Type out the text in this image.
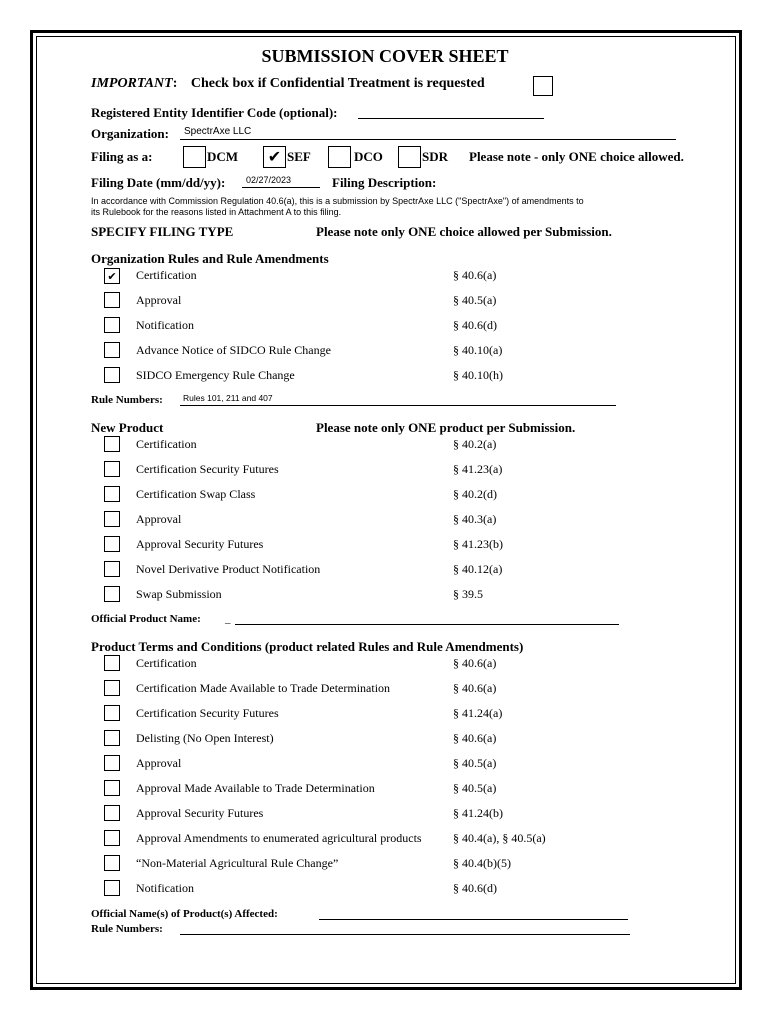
SUBMISSION COVER SHEET
IMPORTANT: Check box if Confidential Treatment is requested
Registered Entity Identifier Code (optional):
Organization: SpectrAxe LLC
Filing as a:	DCM ✔ SEF	DCO	SDR Please note - only ONE choice allowed.
Filing Date (mm/dd/yy): 02/27/2023	Filing Description:
In accordance with Commission Regulation 40.6(a), this is a submission by SpectrAxe LLC ("SpectrAxe") of amendments to
its Rulebook for the reasons listed in Attachment A to this filing.
SPECIFY FILING TYPE	Please note only ONE choice allowed per Submission.
Organization Rules and Rule Amendments
✔ Certification	§ 40.6(a)
Approval	§ 40.5(a)
Notification	§ 40.6(d)
Advance Notice of SIDCO Rule Change	§ 40.10(a)
SIDCO Emergency Rule Change	§ 40.10(h)
Rule Numbers: Rules 101, 211 and 407
New Product	Please note only ONE product per Submission.
Certification	§ 40.2(a)
Certification Security Futures	§ 41.23(a)
Certification Swap Class	§ 40.2(d)
Approval	§ 40.3(a)
Approval Security Futures	§ 41.23(b)
Novel Derivative Product Notification	§ 40.12(a)
Swap Submission	§ 39.5
Official Product Name: _
Product Terms and Conditions (product related Rules and Rule Amendments)
Certification	§ 40.6(a)
Certification Made Available to Trade Determination	§ 40.6(a)
Certification Security Futures	§ 41.24(a)
Delisting (No Open Interest)	§ 40.6(a)
Approval	§ 40.5(a)
Approval Made Available to Trade Determination	§ 40.5(a)
Approval Security Futures	§ 41.24(b)
Approval Amendments to enumerated agricultural products	§ 40.4(a), § 40.5(a)
“Non-Material Agricultural Rule Change”	§ 40.4(b)(5)
Notification	§ 40.6(d)
Official Name(s) of Product(s) Affected:
Rule Numbers:
